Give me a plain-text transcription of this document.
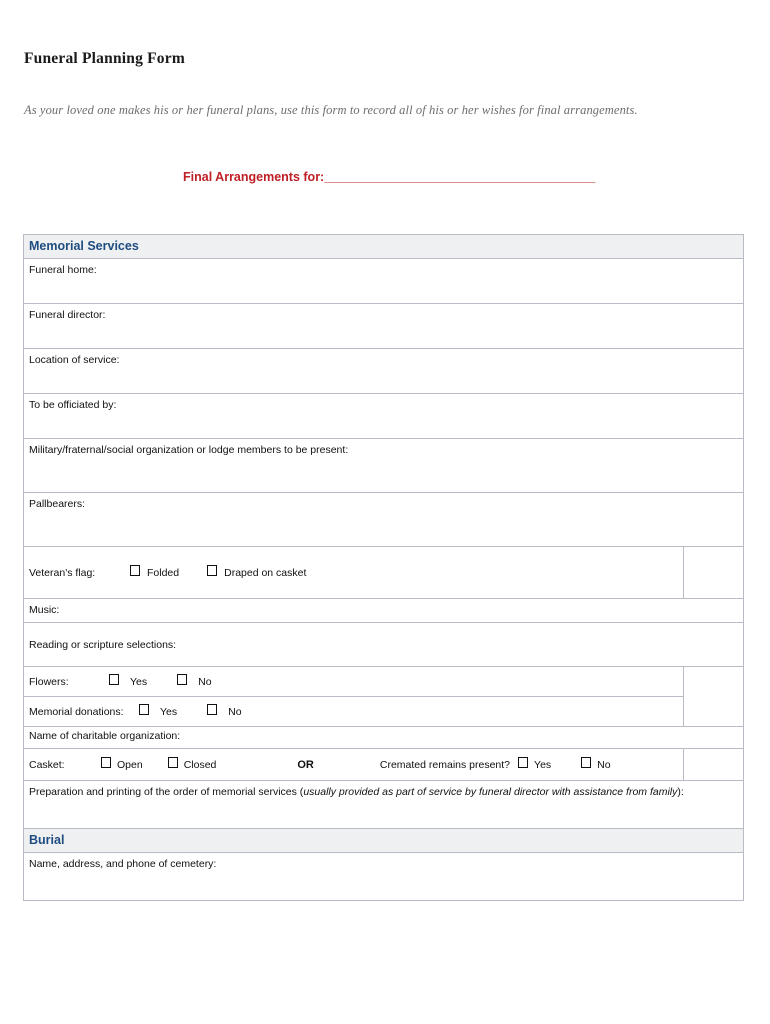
Funeral Planning Form
As your loved one makes his or her funeral plans, use this form to record all of his or her wishes for final arrangements.
Final Arrangements for:_______________________________________
Memorial Services	

Funeral home:	

Funeral director:	

Location of service:	

To be officiated by:	

Military/fraternal/social organization or lodge members to be present:	

Pallbearers:	

Veteran's flag: Folded Draped on casket	

Music:	

Reading or scripture selections:	

Flowers: Yes No	

Memorial donations: Yes No	

Name of charitable organization:	

Casket:	Open	Closed	OR	Cremated remains present? Yes	No

Preparation and printing of the order of memorial services (usually provided as part of service by funeral director with assistance from family):	

Burial	

Name, address, and phone of cemetery:	
